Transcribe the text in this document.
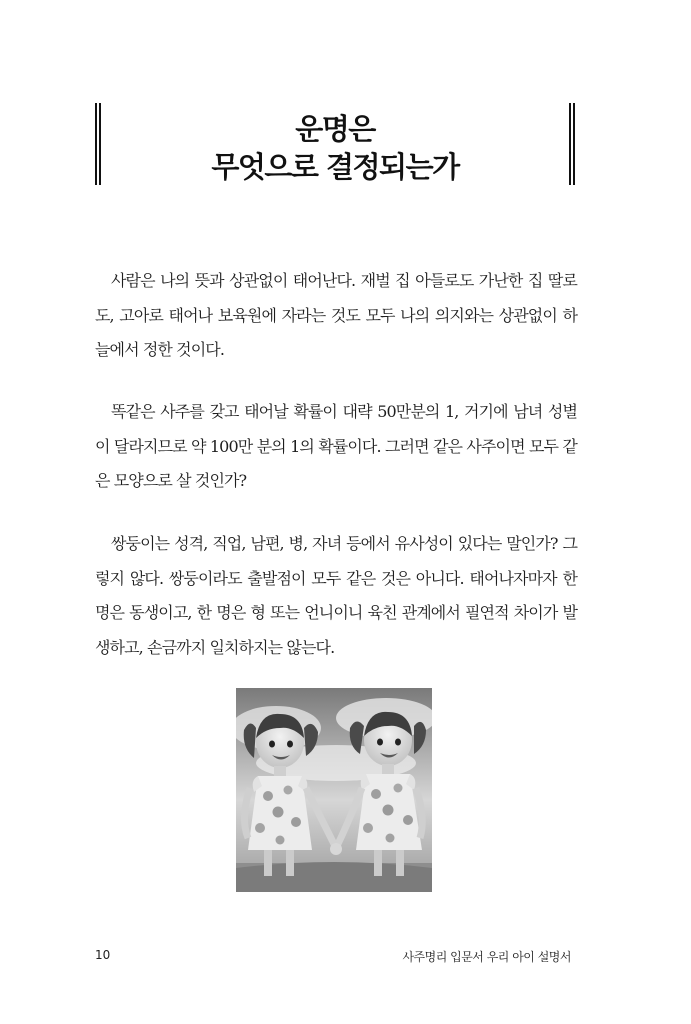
운명은
무엇으로 결정되는가

사람은 나의 뜻과 상관없이 태어난다. 재벌 집 아들로도 가난한 집 딸로도, 고아로 태어나 보육원에 자라는 것도 모두 나의 의지와는 상관없이 하늘에서 정한 것이다.

똑같은 사주를 갖고 태어날 확률이 대략 50만분의 1, 거기에 남녀 성별이 달라지므로 약 100만 분의 1의 확률이다. 그러면 같은 사주이면 모두 같은 모양으로 살 것인가?

쌍둥이는 성격, 직업, 남편, 병, 자녀 등에서 유사성이 있다는 말인가? 그렇지 않다. 쌍둥이라도 출발점이 모두 같은 것은 아니다. 태어나자마자 한 명은 동생이고, 한 명은 형 또는 언니이니 육친 관계에서 필연적 차이가 발생하고, 손금까지 일치하지는 않는다.

10	사주명리 입문서 우리 아이 설명서
